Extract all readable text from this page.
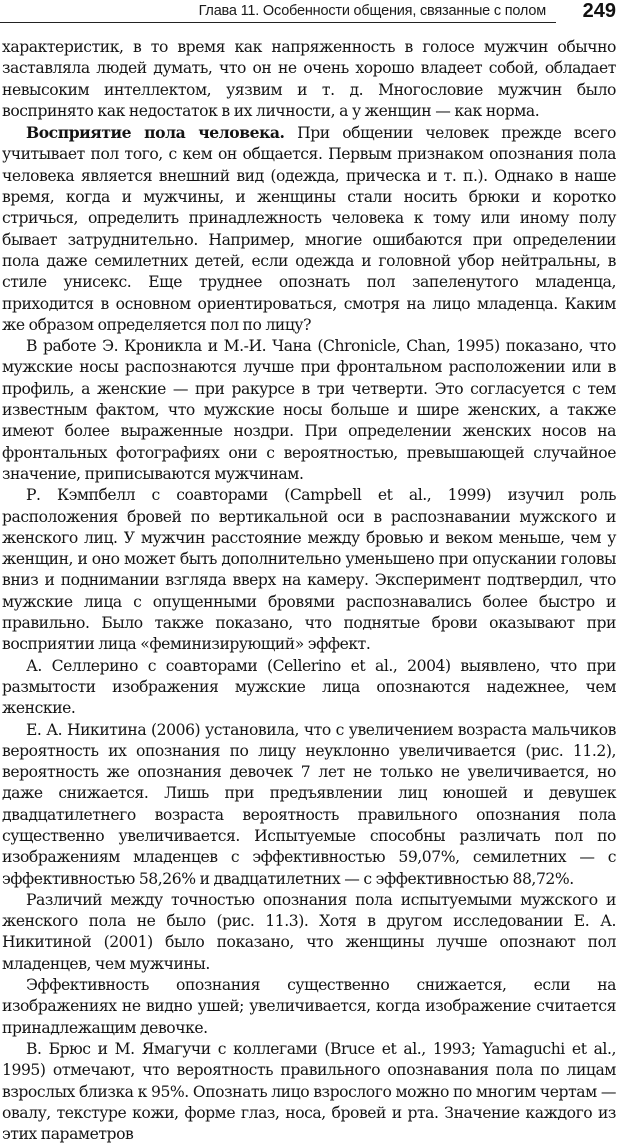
Глава 11. Особенности общения, связанные с полом 249

характеристик, в то время как напряженность в голосе мужчин обычно заставляла людей думать, что он не очень хорошо владеет собой, обладает невысоким интеллектом, уязвим и т. д. Многословие мужчин было воспринято как недостаток в их личности, а у женщин — как норма.

Восприятие пола человека. При общении человек прежде всего учитывает пол того, с кем он общается. Первым признаком опознания пола человека является внешний вид (одежда, прическа и т. п.). Однако в наше время, когда и мужчины, и женщины стали носить брюки и коротко стричься, определить принадлежность человека к тому или иному полу бывает затруднительно. Например, многие ошибаются при определении пола даже семилетних детей, если одежда и головной убор нейтральны, в стиле унисекс. Еще труднее опознать пол запеленутого младенца, приходится в основном ориентироваться, смотря на лицо младенца. Каким же образом определяется пол по лицу?

В работе Э. Кроникла и М.-И. Чана (Chronicle, Chan, 1995) показано, что мужские носы распознаются лучше при фронтальном расположении или в профиль, а женские — при ракурсе в три четверти. Это согласуется с тем известным фактом, что мужские носы больше и шире женских, а также имеют более выраженные ноздри. При определении женских носов на фронтальных фотографиях они с вероятностью, превышающей случайное значение, приписываются мужчинам.

Р. Кэмпбелл с соавторами (Campbell et al., 1999) изучил роль расположения бровей по вертикальной оси в распознавании мужского и женского лиц. У мужчин расстояние между бровью и веком меньше, чем у женщин, и оно может быть дополнительно уменьшено при опускании головы вниз и поднимании взгляда вверх на камеру. Эксперимент подтвердил, что мужские лица с опущенными бровями распознавались более быстро и правильно. Было также показано, что поднятые брови оказывают при восприятии лица «феминизирующий» эффект.

А. Селлерино с соавторами (Cellerino et al., 2004) выявлено, что при размытости изображения мужские лица опознаются надежнее, чем женские.

Е. А. Никитина (2006) установила, что с увеличением возраста мальчиков вероятность их опознания по лицу неуклонно увеличивается (рис. 11.2), вероятность же опознания девочек 7 лет не только не увеличивается, но даже снижается. Лишь при предъявлении лиц юношей и девушек двадцатилетнего возраста вероятность правильного опознания пола существенно увеличивается. Испытуемые способны различать пол по изображениям младенцев с эффективностью 59,07%, семилетних — с эффективностью 58,26% и двадцатилетних — с эффективностью 88,72%.

Различий между точностью опознания пола испытуемыми мужского и женского пола не было (рис. 11.3). Хотя в другом исследовании Е. А. Никитиной (2001) было показано, что женщины лучше опознают пол младенцев, чем мужчины.

Эффективность опознания существенно снижается, если на изображениях не видно ушей; увеличивается, когда изображение считается принадлежащим девочке.

В. Брюс и М. Ямагучи с коллегами (Bruce et al., 1993; Yamaguchi et al., 1995) отмечают, что вероятность правильного опознавания пола по лицам взрослых близка к 95%. Опознать лицо взрослого можно по многим чертам — овалу, текстуре кожи, форме глаз, носа, бровей и рта. Значение каждого из этих параметров
